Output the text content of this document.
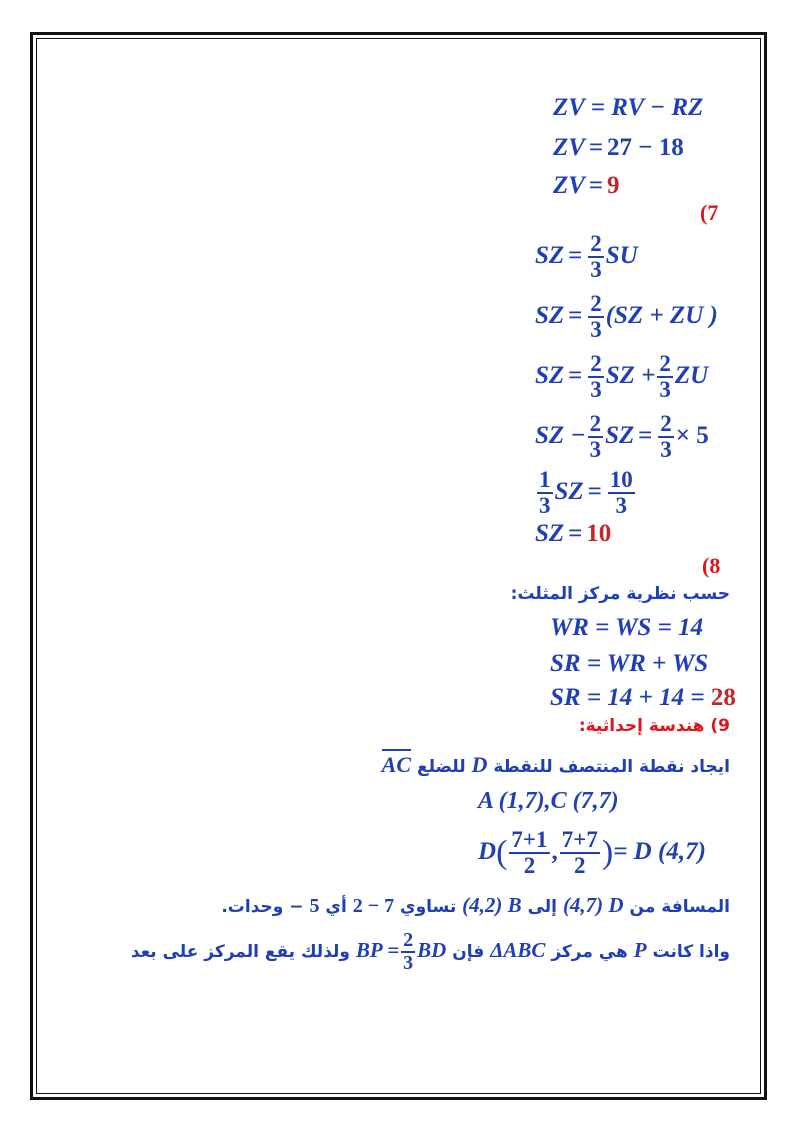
ZV = RV − RZ
ZV = 27 − 18
ZV = 9
(7
SZ = $\frac{2}{3}$ SU
SZ = $\frac{2}{3} (SZ$ + ZU )
SZ = $\frac{2}{3}$ SZ + $\frac{2}{3}$ ZU
SZ − $\frac{2}{3}$ SZ = $\frac{2}{3} \times 5$
$\frac{1}{3}$ SZ = $\frac{10}{3}$
SZ = 10
(8
حسب نظرية مركز المثلث:
WR = WS = 14
SR = WR + WS
SR = 14 + 14 = 28
9) هندسة إحداثية:
ايجاد نقطة المنتصف للنقطة D للضلع AC
A (1,7),C (7,7)
$D( \frac{7+1}{2}$ , $\frac{7+7}{2}$ )= D (4,7)
المسافة من (4,7) D إلى (4,2) B تساوي 2 − 7 أي 5 − وحدات.
واذا كانت P هي مركز ΔABC فإن BP = $\frac{2}{3}$ BD ولذلك يقع المركز على بعد
